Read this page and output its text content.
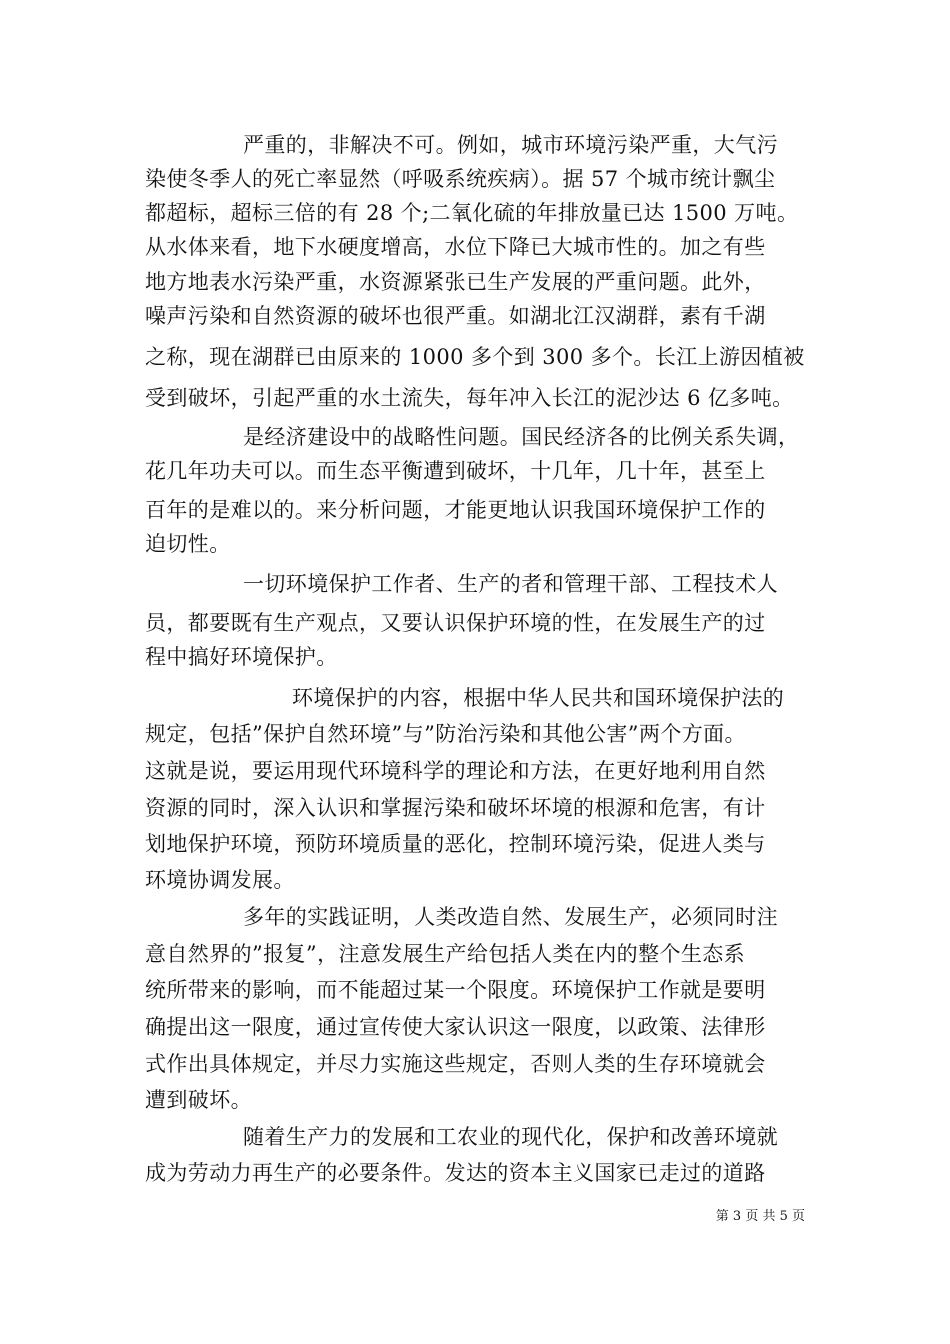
严重的，非解决不可。例如，城市环境污染严重，大气污
染使冬季人的死亡率显然（呼吸系统疾病）。据 57 个城市统计飘尘
都超标，超标三倍的有 28 个;二氧化硫的年排放量已达 1500 万吨。
从水体来看，地下水硬度增高，水位下降已大城市性的。加之有些
地方地表水污染严重，水资源紧张已生产发展的严重问题。此外，
噪声污染和自然资源的破坏也很严重。如湖北江汉湖群，素有千湖
之称，现在湖群已由原来的 1000 多个到 300 多个。长江上游因植被
受到破坏，引起严重的水土流失，每年冲入长江的泥沙达 6 亿多吨。
是经济建设中的战略性问题。国民经济各的比例关系失调，
花几年功夫可以。而生态平衡遭到破坏，十几年，几十年，甚至上
百年的是难以的。来分析问题，才能更地认识我国环境保护工作的
迫切性。
一切环境保护工作者、生产的者和管理干部、工程技术人
员，都要既有生产观点，又要认识保护环境的性，在发展生产的过
程中搞好环境保护。
环境保护的内容，根据中华人民共和国环境保护法的
规定，包括”保护自然环境”与”防治污染和其他公害”两个方面。
这就是说，要运用现代环境科学的理论和方法，在更好地利用自然
资源的同时，深入认识和掌握污染和破坏坏境的根源和危害，有计
划地保护环境，预防环境质量的恶化，控制环境污染，促进人类与
环境协调发展。
多年的实践证明，人类改造自然、发展生产，必须同时注
意自然界的”报复”，注意发展生产给包括人类在内的整个生态系
统所带来的影响，而不能超过某一个限度。环境保护工作就是要明
确提出这一限度，通过宣传使大家认识这一限度，以政策、法律形
式作出具体规定，并尽力实施这些规定，否则人类的生存环境就会
遭到破坏。
随着生产力的发展和工农业的现代化，保护和改善环境就
成为劳动力再生产的必要条件。发达的资本主义国家已走过的道路
第 3 页 共 5 页
